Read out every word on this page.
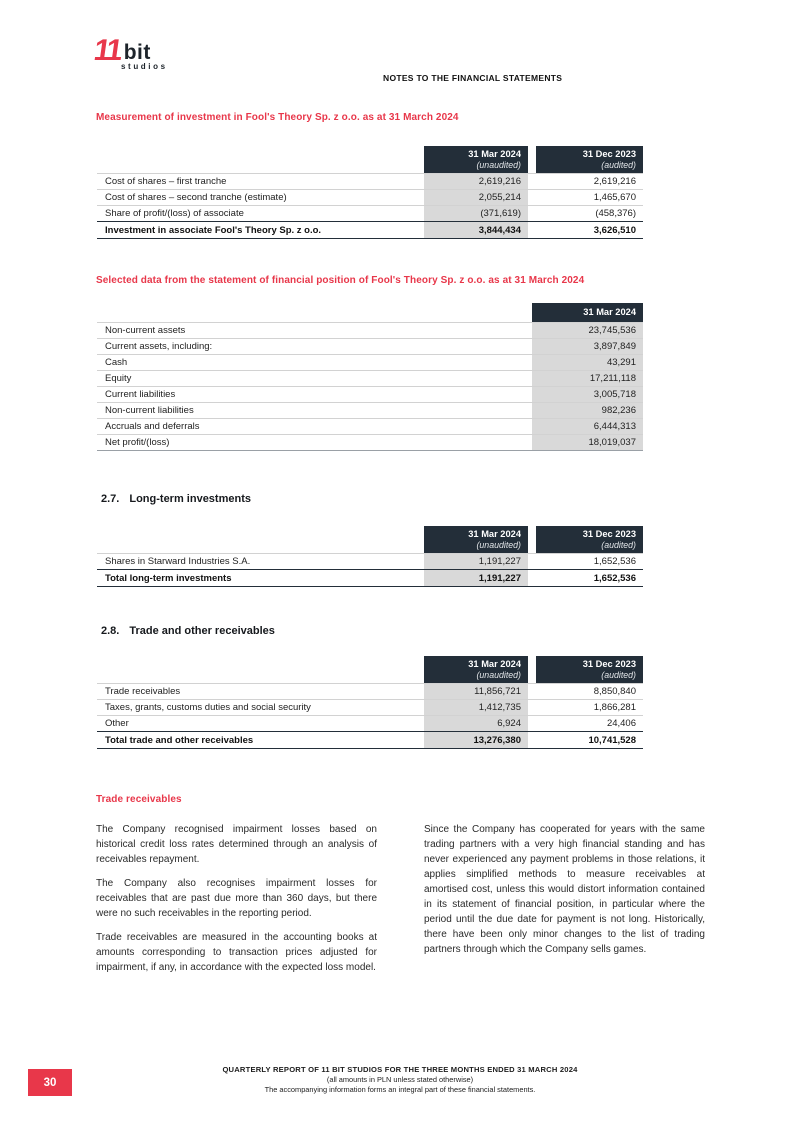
11 bit
studios
NOTES TO THE FINANCIAL STATEMENTS
Measurement of investment in Fool's Theory Sp. z o.o. as at 31 March 2024
31 Mar 2024
(unaudited)
31 Dec 2023
(audited)
Cost of shares – first tranche	2,619,216	2,619,216
Cost of shares – second tranche (estimate)	2,055,214	1,465,670
Share of profit/(loss) of associate	(371,619)	(458,376)
Investment in associate Fool's Theory Sp. z o.o.	3,844,434	3,626,510
Selected data from the statement of financial position of Fool's Theory Sp. z o.o. as at 31 March 2024
31 Mar 2024
Non-current assets	23,745,536
Current assets, including:	3,897,849
Cash	43,291
Equity	17,211,118
Current liabilities	3,005,718
Non-current liabilities	982,236
Accruals and deferrals	6,444,313
Net profit/(loss)	18,019,037
2.7. Long-term investments
31 Mar 2024
(unaudited)
31 Dec 2023
(audited)
Shares in Starward Industries S.A.	1,191,227	1,652,536
Total long-term investments	1,191,227	1,652,536
2.8. Trade and other receivables
31 Mar 2024
(unaudited)
31 Dec 2023
(audited)
Trade receivables	11,856,721	8,850,840
Taxes, grants, customs duties and social security	1,412,735	1,866,281
Other	6,924	24,406
Total trade and other receivables	13,276,380	10,741,528
Trade receivables

The Company recognised impairment losses based on historical credit loss rates determined through an analysis of receivables repayment.

The Company also recognises impairment losses for receivables that are past due more than 360 days, but there were no such receivables in the reporting period.

Trade receivables are measured in the accounting books at amounts corresponding to transaction prices adjusted for impairment, if any, in accordance with the expected loss model.

Since the Company has cooperated for years with the same trading partners with a very high financial standing and has never experienced any payment problems in those relations, it applies simplified methods to measure receivables at amortised cost, unless this would distort information contained in its statement of financial position, in particular where the period until the due date for payment is not long. Historically, there have been only minor changes to the list of trading partners through which the Company sells games.

30
QUARTERLY REPORT OF 11 BIT STUDIOS FOR THE THREE MONTHS ENDED 31 MARCH 2024
(all amounts in PLN unless stated otherwise)
The accompanying information forms an integral part of these financial statements.
